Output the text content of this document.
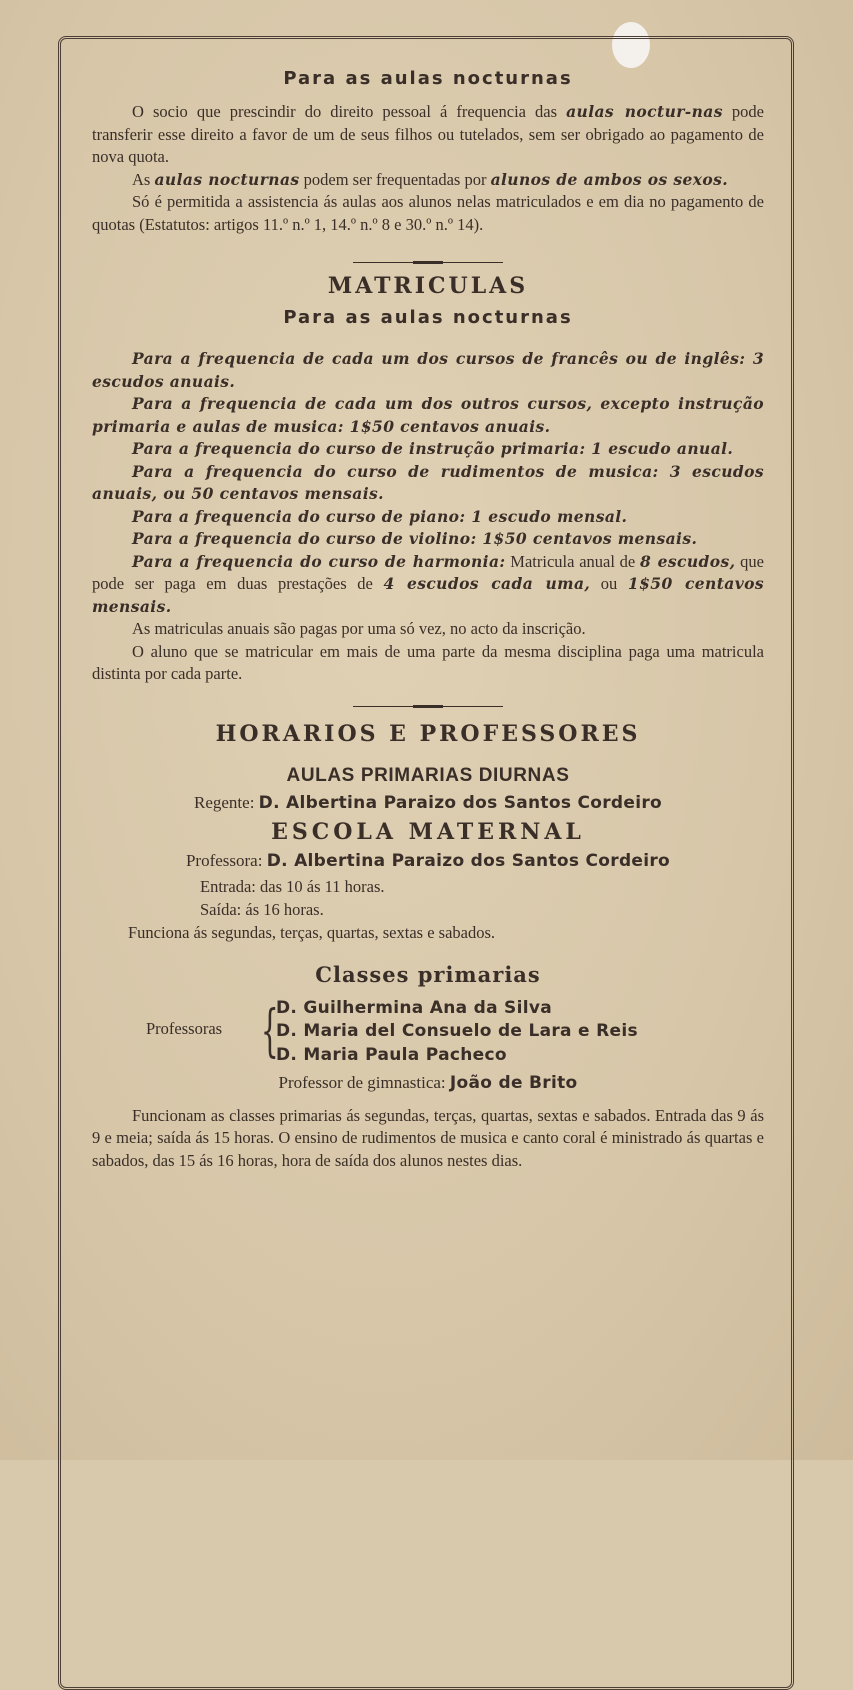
Para as aulas nocturnas

O socio que prescindir do direito pessoal á frequencia das aulas noctur-nas pode transferir esse direito a favor de um de seus filhos ou tutelados, sem ser obrigado ao pagamento de nova quota.

As aulas nocturnas podem ser frequentadas por alunos de ambos os sexos.

Só é permitida a assistencia ás aulas aos alunos nelas matriculados e em dia no pagamento de quotas (Estatutos: artigos 11.º n.º 1, 14.º n.º 8 e 30.º n.º 14).

MATRICULAS
Para as aulas nocturnas

Para a frequencia de cada um dos cursos de francês ou de inglês: 3 escudos anuais.

Para a frequencia de cada um dos outros cursos, excepto instrução primaria e aulas de musica: 1$50 centavos anuais.

Para a frequencia do curso de instrução primaria: 1 escudo anual.

Para a frequencia do curso de rudimentos de musica: 3 escudos anuais, ou 50 centavos mensais.

Para a frequencia do curso de piano: 1 escudo mensal.

Para a frequencia do curso de violino: 1$50 centavos mensais.

Para a frequencia do curso de harmonia: Matricula anual de 8 escudos, que pode ser paga em duas prestações de 4 escudos cada uma, ou 1$50 centavos mensais.

As matriculas anuais são pagas por uma só vez, no acto da inscrição.

O aluno que se matricular em mais de uma parte da mesma disciplina paga uma matricula distinta por cada parte.

HORARIOS E PROFESSORES
AULAS PRIMARIAS DIURNAS
Regente: D. Albertina Paraizo dos Santos Cordeiro
ESCOLA MATERNAL
Professora: D. Albertina Paraizo dos Santos Cordeiro
Entrada: das 10 ás 11 horas.
Saída: ás 16 horas.
Funciona ás segundas, terças, quartas, sextas e sabados.
Classes primarias
Professoras {
D. Guilhermina Ana da Silva
D. Maria del Consuelo de Lara e Reis
D. Maria Paula Pacheco
Professor de gimnastica: João de Brito

Funcionam as classes primarias ás segundas, terças, quartas, sextas e sabados. Entrada das 9 ás 9 e meia; saída ás 15 horas. O ensino de rudimentos de musica e canto coral é ministrado ás quartas e sabados, das 15 ás 16 horas, hora de saída dos alunos nestes dias.
